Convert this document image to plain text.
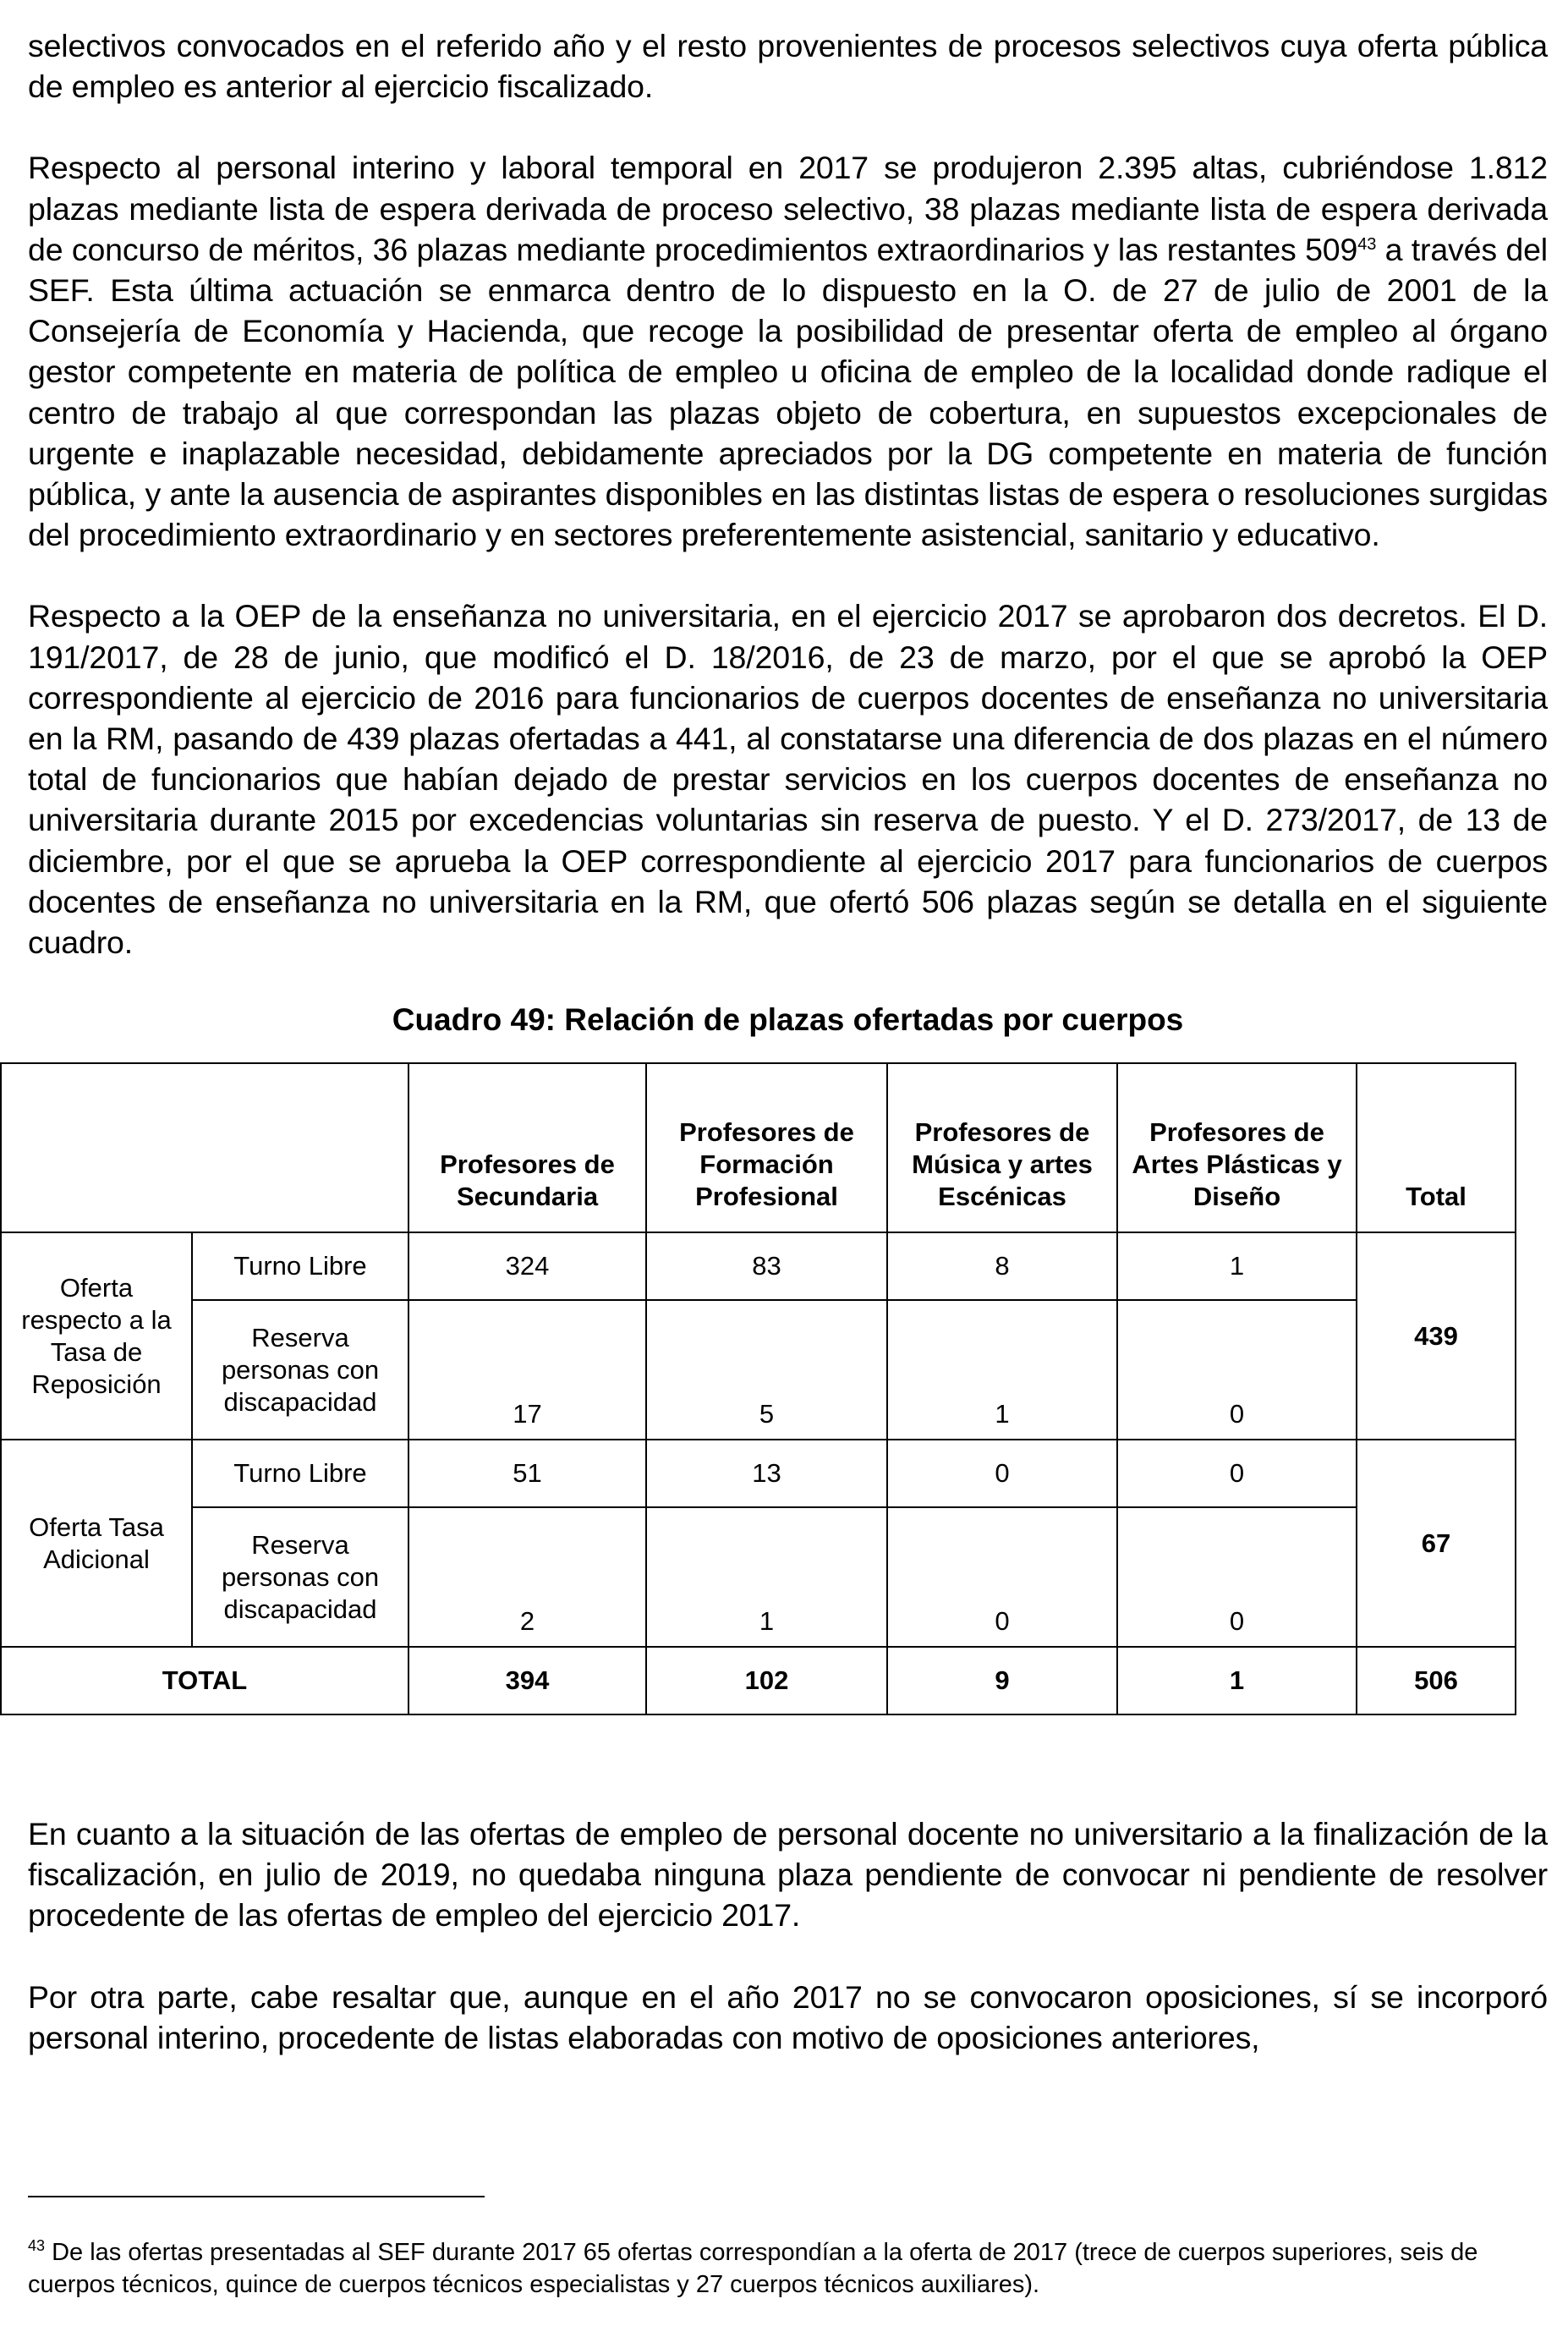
selectivos convocados en el referido año y el resto provenientes de procesos selectivos cuya oferta pública de empleo es anterior al ejercicio fiscalizado.

Respecto al personal interino y laboral temporal en 2017 se produjeron 2.395 altas, cubriéndose 1.812 plazas mediante lista de espera derivada de proceso selectivo, 38 plazas mediante lista de espera derivada de concurso de méritos, 36 plazas mediante procedimientos extraordinarios y las restantes 509$^{43}$ a través del SEF. Esta última actuación se enmarca dentro de lo dispuesto en la O. de 27 de julio de 2001 de la Consejería de Economía y Hacienda, que recoge la posibilidad de presentar oferta de empleo al órgano gestor competente en materia de política de empleo u oficina de empleo de la localidad donde radique el centro de trabajo al que correspondan las plazas objeto de cobertura, en supuestos excepcionales de urgente e inaplazable necesidad, debidamente apreciados por la DG competente en materia de función pública, y ante la ausencia de aspirantes disponibles en las distintas listas de espera o resoluciones surgidas del procedimiento extraordinario y en sectores preferentemente asistencial, sanitario y educativo.

Respecto a la OEP de la enseñanza no universitaria, en el ejercicio 2017 se aprobaron dos decretos. El D. 191/2017, de 28 de junio, que modificó el D. 18/2016, de 23 de marzo, por el que se aprobó la OEP correspondiente al ejercicio de 2016 para funcionarios de cuerpos docentes de enseñanza no universitaria en la RM, pasando de 439 plazas ofertadas a 441, al constatarse una diferencia de dos plazas en el número total de funcionarios que habían dejado de prestar servicios en los cuerpos docentes de enseñanza no universitaria durante 2015 por excedencias voluntarias sin reserva de puesto. Y el D. 273/2017, de 13 de diciembre, por el que se aprueba la OEP correspondiente al ejercicio 2017 para funcionarios de cuerpos docentes de enseñanza no universitaria en la RM, que ofertó 506 plazas según se detalla en el siguiente cuadro.

Cuadro 49: Relación de plazas ofertadas por cuerpos
		Profesores de Secundaria	Profesores de Formación Profesional	Profesores de Música y artes Escénicas	Profesores de Artes Plásticas y Diseño	Total
Oferta respecto a la Tasa de Reposición	Turno Libre	324	83	8	1	439
	Reserva personas con discapacidad	17	5	1	0	
Oferta Tasa Adicional	Turno Libre	51	13	0	0	67
	Reserva personas con discapacidad	2	1	0	0	
TOTAL		394	102	9	1	506

En cuanto a la situación de las ofertas de empleo de personal docente no universitario a la finalización de la fiscalización, en julio de 2019, no quedaba ninguna plaza pendiente de convocar ni pendiente de resolver procedente de las ofertas de empleo del ejercicio 2017.

Por otra parte, cabe resaltar que, aunque en el año 2017 no se convocaron oposiciones, sí se incorporó personal interino, procedente de listas elaboradas con motivo de oposiciones anteriores,

$^{43}$ De las ofertas presentadas al SEF durante 2017 65 ofertas correspondían a la oferta de 2017 (trece de cuerpos superiores, seis de cuerpos técnicos, quince de cuerpos técnicos especialistas y 27 cuerpos técnicos auxiliares).
